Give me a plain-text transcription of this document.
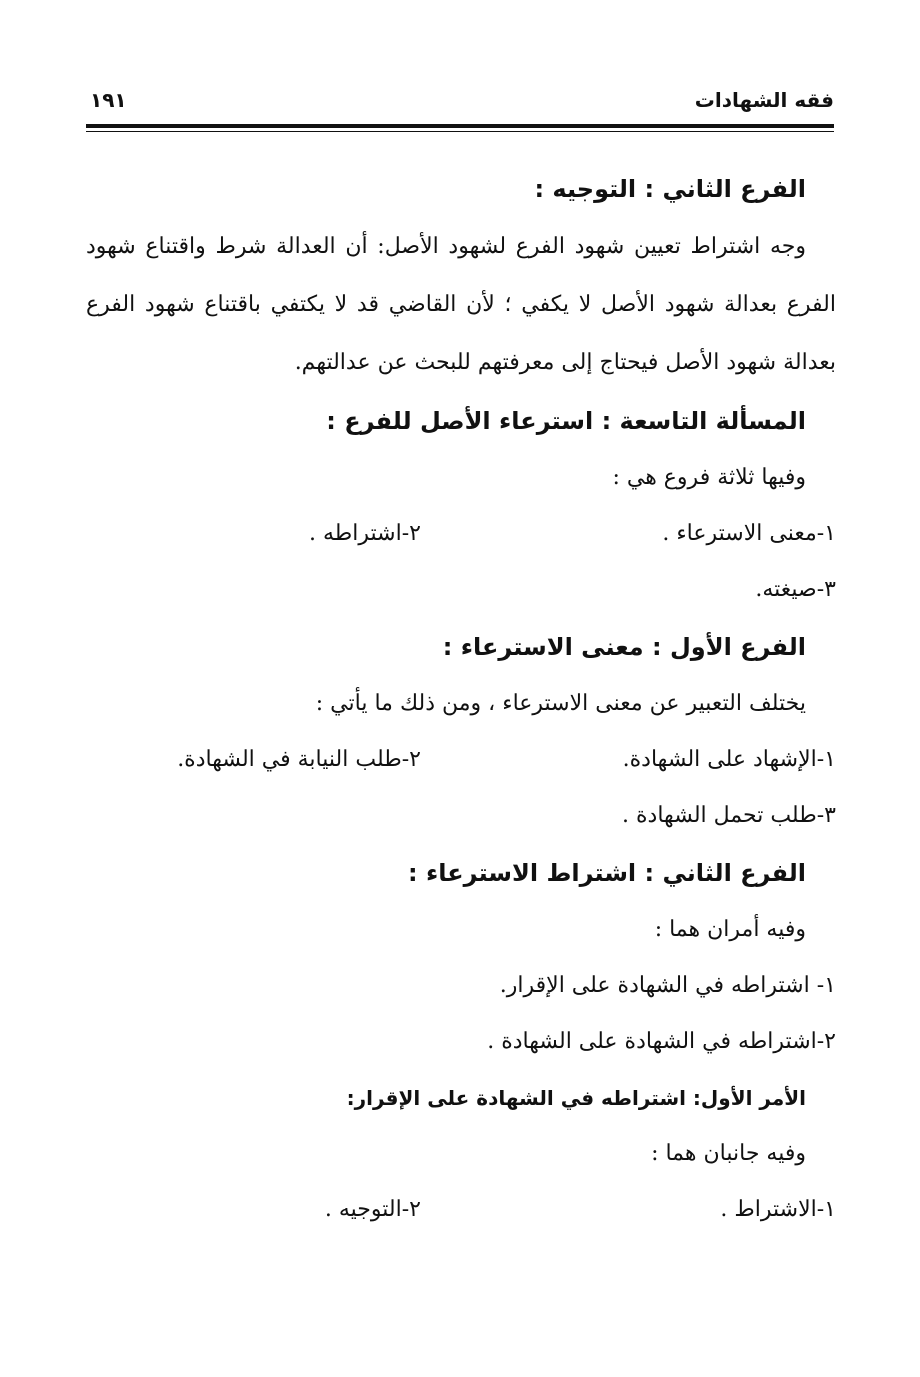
فقه الشهادات
١٩١
الفرع الثاني : التوجيه :
وجه اشتراط تعيين شهود الفرع لشهود الأصل: أن العدالة شرط واقتناع شهود الفرع بعدالة شهود الأصل لا يكفي ؛ لأن القاضي قد لا يكتفي باقتناع شهود الفرع بعدالة شهود الأصل فيحتاج إلى معرفتهم للبحث عن عدالتهم.
المسألة التاسعة : استرعاء الأصل للفرع :
وفيها ثلاثة فروع هي :
١-معنى الاسترعاء .
٢-اشتراطه .
٣-صيغته.
الفرع الأول : معنى الاسترعاء :
يختلف التعبير عن معنى الاسترعاء ، ومن ذلك ما يأتي :
١-الإشهاد على الشهادة.
٢-طلب النيابة في الشهادة.
٣-طلب تحمل الشهادة .
الفرع الثاني : اشتراط الاسترعاء :
وفيه أمران هما :
١- اشتراطه في الشهادة على الإقرار.
٢-اشتراطه في الشهادة على الشهادة .
الأمر الأول: اشتراطه في الشهادة على الإقرار:
وفيه جانبان هما :
١-الاشتراط .
٢-التوجيه .
